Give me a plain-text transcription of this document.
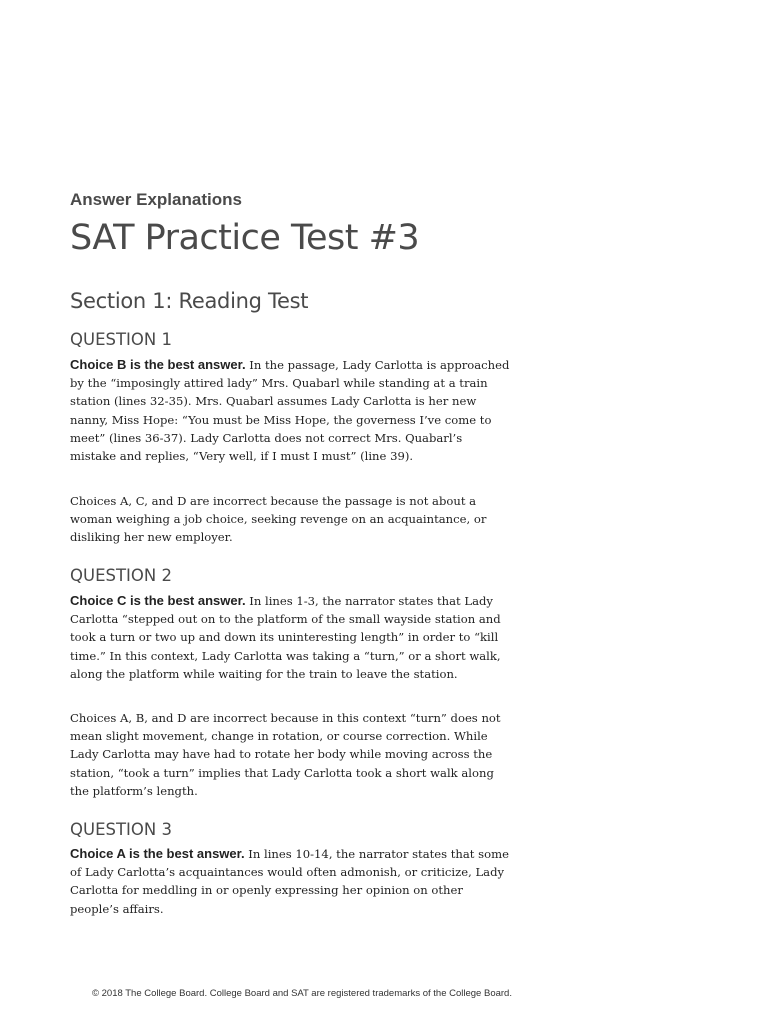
Answer Explanations
SAT Practice Test #3
Section 1: Reading Test
QUESTION 1

Choice B is the best answer. In the passage, Lady Carlotta is approached by the “imposingly attired lady” Mrs. Quabarl while standing at a train station (lines 32-35). Mrs. Quabarl assumes Lady Carlotta is her new nanny, Miss Hope: “You must be Miss Hope, the governess I’ve come to meet” (lines 36-37). Lady Carlotta does not correct Mrs. Quabarl’s mistake and replies, “Very well, if I must I must” (line 39).

Choices A, C, and D are incorrect because the passage is not about a woman weighing a job choice, seeking revenge on an acquaintance, or disliking her new employer.

QUESTION 2

Choice C is the best answer. In lines 1-3, the narrator states that Lady Carlotta “stepped out on to the platform of the small wayside station and took a turn or two up and down its uninteresting length” in order to “kill time.” In this context, Lady Carlotta was taking a “turn,” or a short walk, along the platform while waiting for the train to leave the station.

Choices A, B, and D are incorrect because in this context “turn” does not mean slight movement, change in rotation, or course correction. While Lady Carlotta may have had to rotate her body while moving across the station, “took a turn” implies that Lady Carlotta took a short walk along the platform’s length.

QUESTION 3

Choice A is the best answer. In lines 10-14, the narrator states that some of Lady Carlotta’s acquaintances would often admonish, or criticize, Lady Carlotta for meddling in or openly expressing her opinion on other people’s affairs.

© 2018 The College Board. College Board and SAT are registered trademarks of the College Board.
